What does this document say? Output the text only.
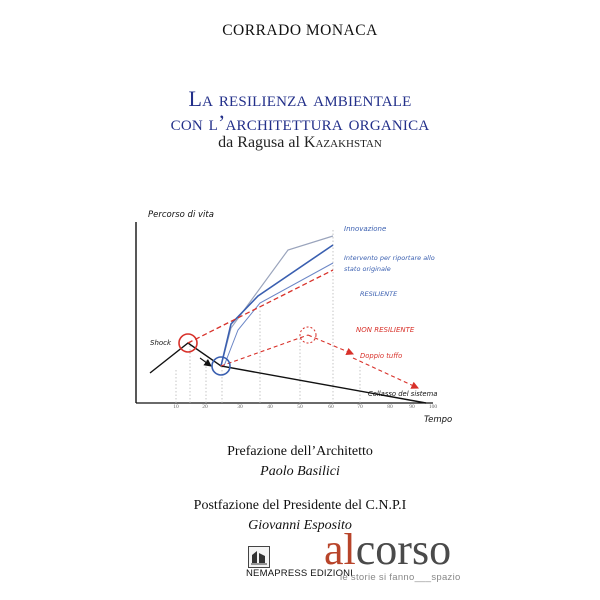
CORRADO MONACA
La resilienza ambientale
con l’architettura organica
da Ragusa al Kazakhstan
10	20	30	40	50	60	70	80	90	100
Percorso di vita
Tempo
Shock
Innovazione
Intervento per riportare allo
stato originale
RESILIENTE
NON RESILIENTE
Doppio tuffo
Collasso del sistema
Prefazione dell’Architetto
Paolo Basilici
Postfazione del Presidente del C.N.P.I
Giovanni Esposito
NEMAPRESS EDIZIONI
alcorso
le storie si fanno___spazio
